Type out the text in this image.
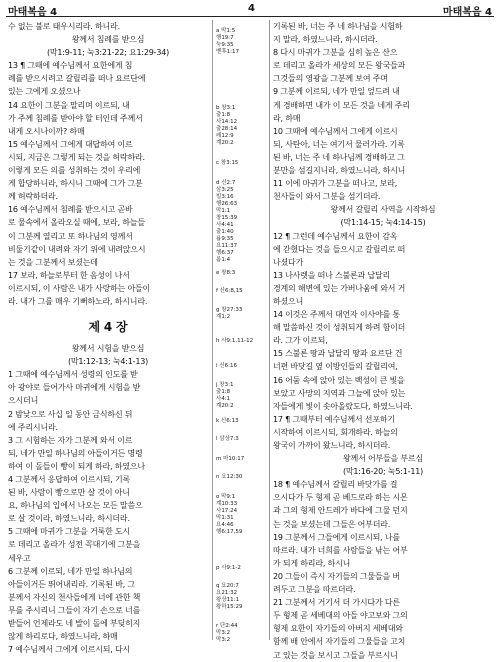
마태복음 4	4	마태복음 4

수 없는 불로 태우시리라. 하니라.

왕께서 침례를 받으심

(막1:9-11; 눅3:21-22; 요1:29-34)

13 ¶ 그때에 예수님께서 요한에게 침
례를 받으시려고 갈릴리를 떠나 요르단에
있는 그에게 오셨으나

14 요한이 그분을 말리며 이르되, 내
가 주께 침례를 받아야 할 터인데 주께서
내게 오시나이까? 하매

15 예수님께서 그에게 대답하여 이르
시되, 지금은 그렇게 되는 것을 허락하라.
이렇게 모든 의를 성취하는 것이 우리에
게 합당하니라, 하시니 그때에 그가 그분
께 허락하더라.

16 예수님께서 침례를 받으시고 곧바
로 물속에서 올라오실 때에, 보라, 하늘들
이 그분께 열리고 또 하나님의 영께서
비둘기같이 내려와 자기 위에 내려앉으시
는 것을 그분께서 보셨는데

17 보라, 하늘로부터 한 음성이 나서
이르시되, 이 사람은 내가 사랑하는 아들이
라. 내가 그를 매우 기뻐하노라, 하시니라.

제 4 장

왕께서 시험을 받으심

(막1:12-13; 눅4:1-13)

1 그때에 예수님께서 성령의 인도를 받
아 광야로 들어가사 마귀에게 시험을 받
으시더니

2 밤낮으로 사십 일 동안 금식하신 뒤
에 주리시니라.

3 그 시험하는 자가 그분께 와서 이르
되, 네가 만일 하나님의 아들이거든 명령
하여 이 돌들이 빵이 되게 하라, 하였으나

4 그분께서 응답하여 이르시되, 기록
된 바, 사람이 빵으로만 살 것이 아니
요, 하나님의 입에서 나오는 모든 말씀으
로 살 것이라, 하였느니라, 하시더라.

5 그때에 마귀가 그분을 거룩한 도시
로 데리고 올라가 성전 꼭대기에 그분을
세우고

6 그분께 이르되, 네가 만일 하나님의
아들이거든 뛰어내리라. 기록된 바, 그
분께서 자신의 천사들에게 너에 관한 책
무를 주시리니 그들이 자기 손으로 너를
받들어 언제라도 네 발이 돌에 부딪히지
않게 하리로다, 하였느니라, 하매

7 예수님께서 그에게 이르시되, 다시

a 막1:5
행19:7
눅9:35
벧후1:17
b 창3:1
출1:8
사14:12
출28:14
레12:9
계20:2
c 창3:15
d 신2:7
삼3:25
빌3:16
행26:63
막1:1
창15:39
사4:41
출1:40
욥9:35
요11:37
행6:37
롬1:4
e 창8:3
f 신6:8,15
g 창27:33
계1:2
h 사9:1,11-12
i 신6:16
j 창3:1
출1:8
사4:1
계20:2
k 신6:13
l 삼상7:3
m 마10:17
n 요12:30
o 막9:1
계10:33
사17:24
막1:31
요4:46
행6:17,59
p 사9:1-2
q 요20:7
요21:32
왕상11:1
왕하15:29
r 단2:44
막3:2
막3:2

기록된 바, 너는 주 네 하나님을 시험하
지 말라, 하였느니라, 하시더라.

8 다시 마귀가 그분을 심히 높은 산으
로 데리고 올라가 세상의 모든 왕국들과
그것들의 영광을 그분께 보여 주며

9 그분께 이르되, 네가 만일 엎드려 내
게 경배하면 내가 이 모든 것을 네게 주리
라, 하매

10 그때에 예수님께서 그에게 이르시
되, 사탄아, 너는 여기서 물러가라. 기록
된 바, 너는 주 네 하나님께 경배하고 그
분만을 섬길지니라, 하였느니라, 하시니

11 이에 마귀가 그분을 떠나고, 보라,
천사들이 와서 그분을 섬기더라.

왕께서 갈릴리 사역을 시작하심

(막1:14-15; 눅4:14-15)

12 ¶ 그런데 예수님께서 요한이 감옥
에 갇혔다는 것을 들으시고 갈릴리로 떠
나셨다가

13 나사렛을 떠나 스불론과 납달리
경계의 해변에 있는 가버나움에 와서 거
하셨으니

14 이것은 주께서 대언자 이사야를 통
해 말씀하신 것이 성취되게 하려 함이더
라. 그가 이르되,

15 스불론 땅과 납달리 땅과 요르단 건
너편 바닷길 옆 이방인들의 갈릴리여,

16 어둠 속에 앉아 있는 백성이 큰 빛을
보았고 사망의 지역과 그늘에 앉아 있는
자들에게 빛이 솟아올랐도다, 하였느니라.

17 ¶ 그때부터 예수님께서 선포하기
시작하여 이르시되, 회개하라. 하늘의
왕국이 가까이 왔느니라, 하시더라.

왕께서 어부들을 부르심

(막1:16-20; 눅5:1-11)

18 ¶ 예수님께서 갈릴리 바닷가를 걸
으시다가 두 형제 곧 베드로라 하는 시몬
과 그의 형제 안드레가 바다에 그물 던지
는 것을 보셨는데 그들은 어부더라.

19 그분께서 그들에게 이르시되, 나를
따르라. 내가 너희를 사람들을 낚는 어부
가 되게 하리라, 하시니

20 그들이 즉시 자기들의 그물들을 버
려두고 그분을 따르더라.

21 그분께서 거기서 더 가시다가 다른
두 형제 곧 세베대의 아들 야고보와 그의
형제 요한이 자기들의 아버지 세베대와
함께 배 안에서 자기들의 그물들을 고치
고 있는 것을 보시고 그들을 부르시니
